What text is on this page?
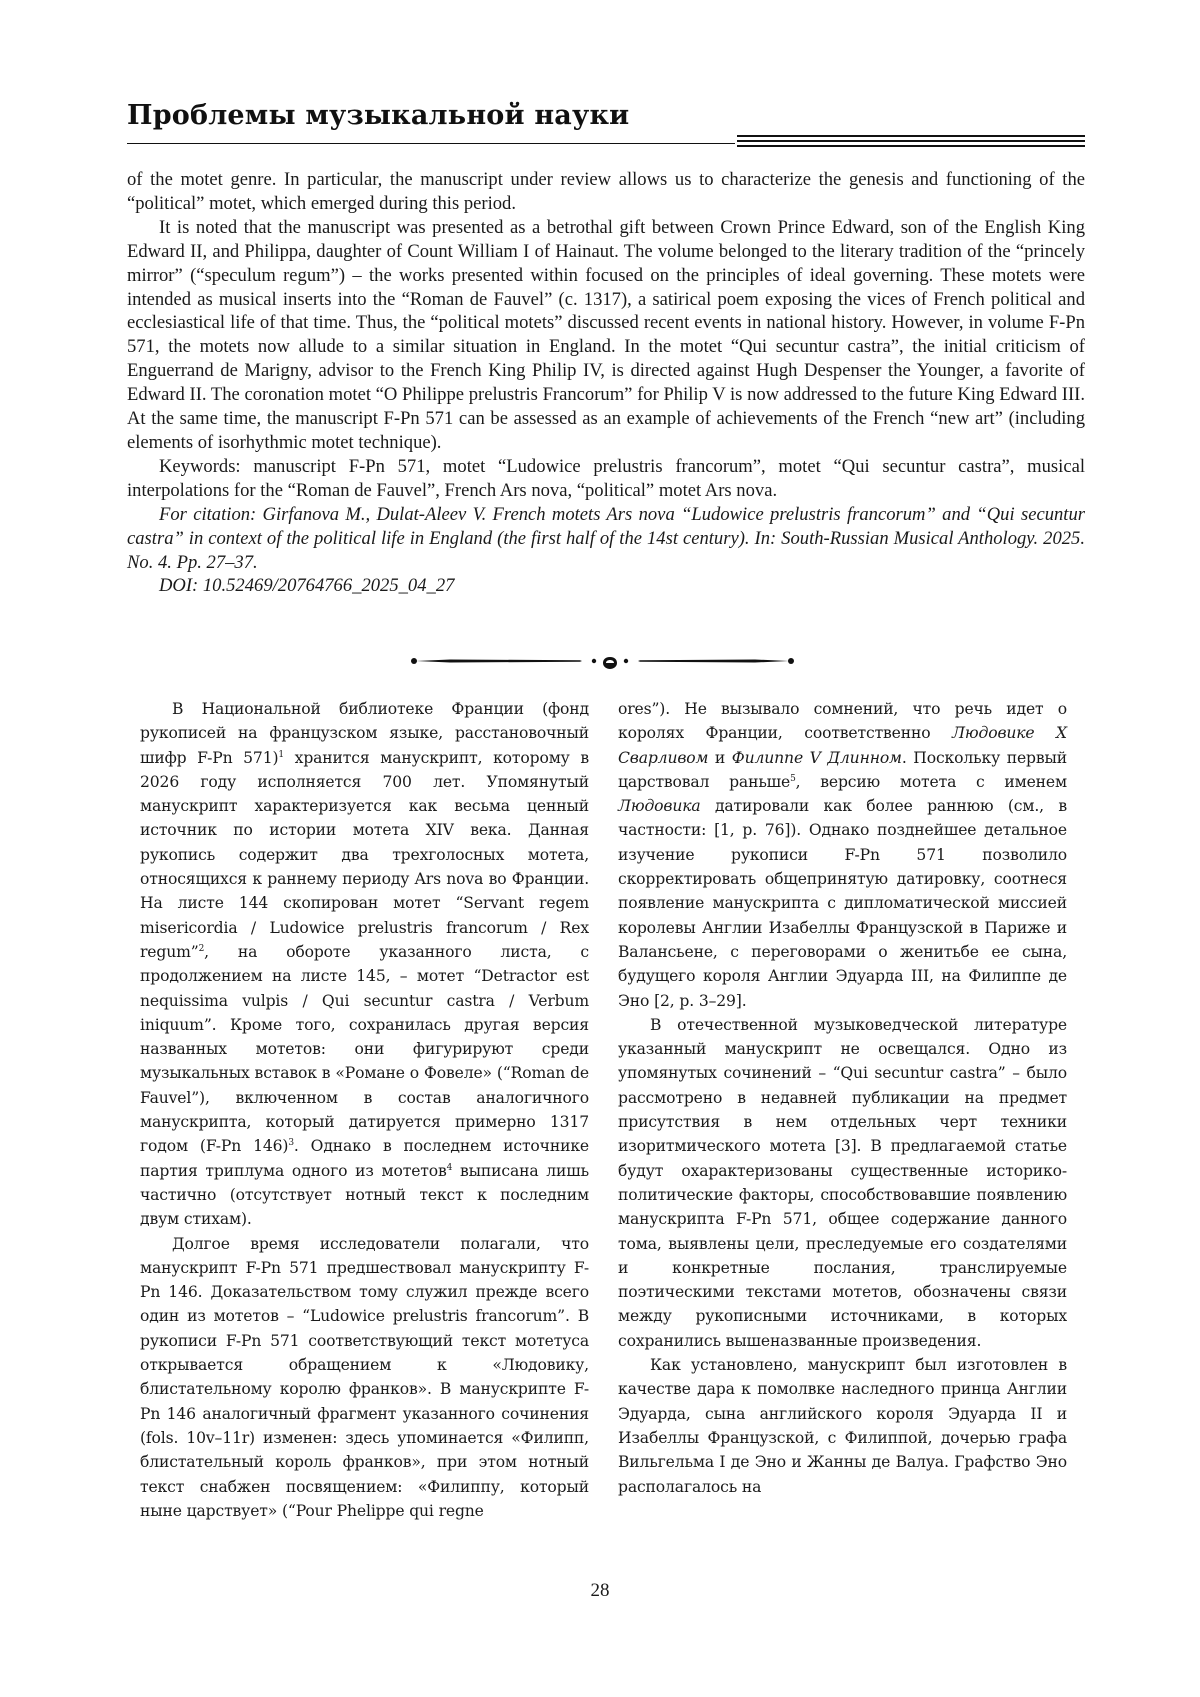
Проблемы музыкальной науки

of the motet genre. In particular, the manuscript under review allows us to characterize the genesis and functioning of the “political” motet, which emerged during this period.

It is noted that the manuscript was presented as a betrothal gift between Crown Prince Edward, son of the English King Edward II, and Philippa, daughter of Count William I of Hainaut. The volume belonged to the literary tradition of the “princely mirror” (“speculum regum”) – the works presented within focused on the principles of ideal governing. These motets were intended as musical inserts into the “Roman de Fauvel” (c. 1317), a satirical poem exposing the vices of French political and ecclesiastical life of that time. Thus, the “political motets” discussed recent events in national history. However, in volume F-Pn 571, the motets now allude to a similar situation in England. In the motet “Qui secuntur castra”, the initial criticism of Enguerrand de Marigny, advisor to the French King Philip IV, is directed against Hugh Despenser the Younger, a favorite of Edward II. The coronation motet “O Philippe prelustris Francorum” for Philip V is now addressed to the future King Edward III. At the same time, the manuscript F-Pn 571 can be assessed as an example of achievements of the French “new art” (including elements of isorhythmic motet technique).

Keywords: manuscript F-Pn 571, motet “Ludowice prelustris francorum”, motet “Qui secuntur castra”, musical interpolations for the “Roman de Fauvel”, French Ars nova, “political” motet Ars nova.

For citation: Girfanova M., Dulat-Aleev V. French motets Ars nova “Ludowice prelustris francorum” and “Qui secuntur castra” in context of the political life in England (the first half of the 14st century). In: South-Russian Musical Anthology. 2025. No. 4. Pp. 27–37.

DOI: 10.52469/20764766_2025_04_27

В Национальной библиотеке Франции (фонд рукописей на французском языке, расстановочный шифр F-Pn 571)$^1$ хранится манускрипт, которому в 2026 году исполняется 700 лет. Упомянутый манускрипт характеризуется как весьма ценный источник по истории мотета XIV века. Данная рукопись содержит два трехголосных мотета, относящихся к раннему периоду Ars nova во Франции. На листе 144 скопирован мотет “Servant regem misericordia / Ludowice prelustris francorum / Rex regum”$^2$, на обороте указанного листа, с продолжением на листе 145, – мотет “Detractor est nequissima vulpis / Qui secuntur castra / Verbum iniquum”. Кроме того, сохранилась другая версия названных мотетов: они фигурируют среди музыкальных вставок в «Романе о Фовеле» (“Roman de Fauvel”), включенном в состав аналогичного манускрипта, который датируется примерно 1317 годом (F-Pn 146)$^3$. Однако в последнем источнике партия триплума одного из мотетов$^4$ выписана лишь частично (отсутствует нотный текст к последним двум стихам).

Долгое время исследователи полагали, что манускрипт F-Pn 571 предшествовал манускрипту F-Pn 146. Доказательством тому служил прежде всего один из мотетов – “Ludowice prelustris francorum”. В рукописи F-Pn 571 соответствующий текст мотетуса открывается обращением к «Людовику, блистательному королю франков». В манускрипте F-Pn 146 аналогичный фрагмент указанного сочинения (fols. 10v–11r) изменен: здесь упоминается «Филипп, блистательный король франков», при этом нотный текст снабжен посвящением: «Филиппу, который ныне царствует» (“Pour Phelippe qui regne

ores”). Не вызывало сомнений, что речь идет о королях Франции, соответственно Людовике X Сварливом и Филиппе V Длинном. Поскольку первый царствовал раньше$^5$, версию мотета с именем Людовика датировали как более раннюю (см., в частности: [1, p. 76]). Однако позднейшее детальное изучение рукописи F-Pn 571 позволило скорректировать общепринятую датировку, соотнеся появление манускрипта с дипломатической миссией королевы Англии Изабеллы Французской в Париже и Валансьене, с переговорами о женитьбе ее сына, будущего короля Англии Эдуарда III, на Филиппе де Эно [2, p. 3–29].

В отечественной музыковедческой литературе указанный манускрипт не освещался. Одно из упомянутых сочинений – “Qui secuntur castra” – было рассмотрено в недавней публикации на предмет присутствия в нем отдельных черт техники изоритмического мотета [3]. В предлагаемой статье будут охарактеризованы существенные историко-политические факторы, способствовавшие появлению манускрипта F-Pn 571, общее содержание данного тома, выявлены цели, преследуемые его создателями и конкретные послания, транслируемые поэтическими текстами мотетов, обозначены связи между рукописными источниками, в которых сохранились вышеназванные произведения.

Как установлено, манускрипт был изготовлен в качестве дара к помолвке наследного принца Англии Эдуарда, сына английского короля Эдуарда II и Изабеллы Французской, с Филиппой, дочерью графа Вильгельма I де Эно и Жанны де Валуа. Графство Эно располагалось на

28
